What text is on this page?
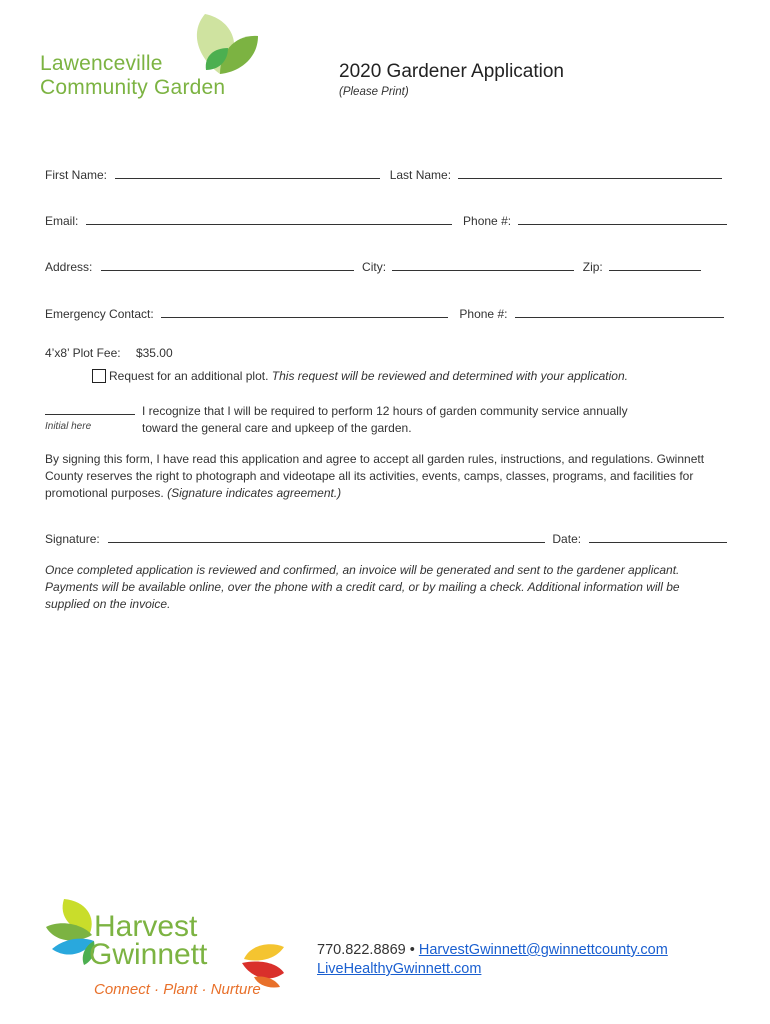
Lawenceville
Community Garden
2020 Gardener Application
(Please Print)
First Name:	Last Name:
Email:	Phone #:
Address:	City:	Zip:
Emergency Contact:	Phone #:
4’x8’ Plot Fee: $35.00
Request for an additional plot. This request will be reviewed and determined with your application.
Initial here
I recognize that I will be required to perform 12 hours of garden community service annually
toward the general care and upkeep of the garden.
By signing this form, I have read this application and agree to accept all garden rules, instructions, and regulations. Gwinnett County reserves the right to photograph and videotape all its activities, events, camps, classes, programs, and facilities for promotional purposes. (Signature indicates agreement.)
Signature:	Date:
Once completed application is reviewed and confirmed, an invoice will be generated and sent to the gardener applicant. Payments will be available online, over the phone with a credit card, or by mailing a check. Additional information will be supplied on the invoice.
Harvest
Gwinnett
Connect · Plant · Nurture
770.822.8869 • HarvestGwinnett@gwinnettcounty.com
LiveHealthyGwinnett.com
